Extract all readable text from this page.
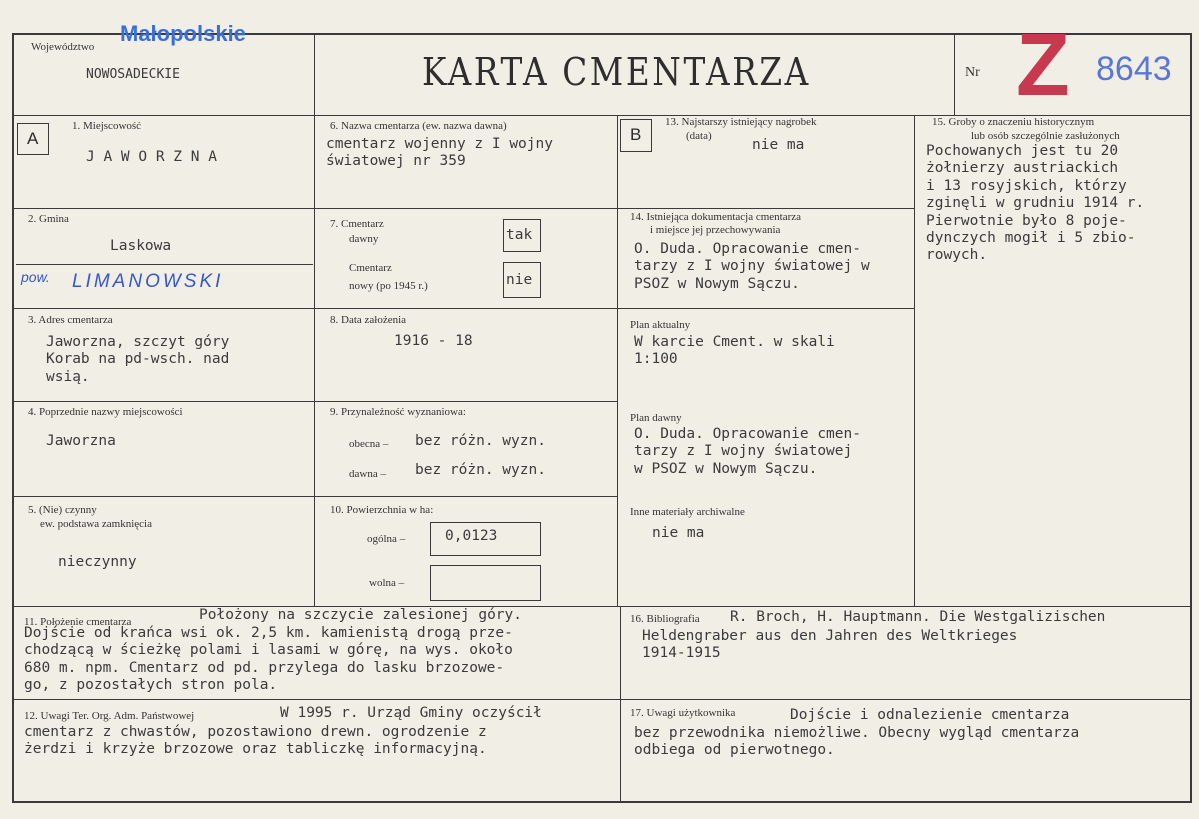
Województwo
Małopolskie
NOWOSADECKIE	KARTA CMENTARZA	Nr Z 8643
A
1. Miejscowość
J A W O R Z N A
2. Gmina
Laskowa
pow. LIMANOWSKI
3. Adres cmentarza
Jaworzna, szczyt góry
Korab na pd-wsch. nad
wsią.
4. Poprzednie nazwy miejscowości
Jaworzna
5. (Nie) czynny
ew. podstawa zamknięcia
nieczynny
6. Nazwa cmentarza (ew. nazwa dawna)
cmentarz wojenny z I wojny
światowej nr 359
7. Cmentarz
dawny	tak
Cmentarz
nowy (po 1945 r.)	nie
8. Data założenia
1916 - 18
9. Przynależność wyznaniowa:
obecna – bez różn. wyzn.
dawna – bez różn. wyzn.
10. Powierzchnia w ha:
ogólna –	0,0123
wolna –
B
13. Najstarszy istniejący nagrobek
(data)
nie ma
14. Istniejąca dokumentacja cmentarza
i miejsce jej przechowywania
O. Duda. Opracowanie cmen-
tarzy z I wojny światowej w
PSOZ w Nowym Sączu.
Plan aktualny
W karcie Cment. w skali
1:100
Plan dawny
O. Duda. Opracowanie cmen-
tarzy z I wojny światowej
w PSOZ w Nowym Sączu.
Inne materiały archiwalne
nie ma
15. Groby o znaczeniu historycznym
lub osób szczególnie zasłużonych
Pochowanych jest tu 20
żołnierzy austriackich
i 13 rosyjskich, którzy
zginęli w grudniu 1914 r.
Pierwotnie było 8 poje-
dynczych mogił i 5 zbio-
rowych.
11. Położenie cmentarza	Położony na szczycie zalesionej góry.
Dojście od krańca wsi ok. 2,5 km. kamienistą drogą prze-
chodzącą w ścieżkę polami i lasami w górę, na wys. około
680 m. npm. Cmentarz od pd. przylega do lasku brzozowe-
go, z pozostałych stron pola.
12. Uwagi Ter. Org. Adm. Państwowej	W 1995 r. Urząd Gminy oczyścił
cmentarz z chwastów, pozostawiono drewn. ogrodzenie z
żerdzi i krzyże brzozowe oraz tabliczkę informacyjną.
16. Bibliografia R. Broch, H. Hauptmann. Die Westgalizischen
Heldengraber aus den Jahren des Weltkrieges
1914-1915
17. Uwagi użytkownika	Dojście i odnalezienie cmentarza
bez przewodnika niemożliwe. Obecny wygląd cmentarza
odbiega od pierwotnego.
